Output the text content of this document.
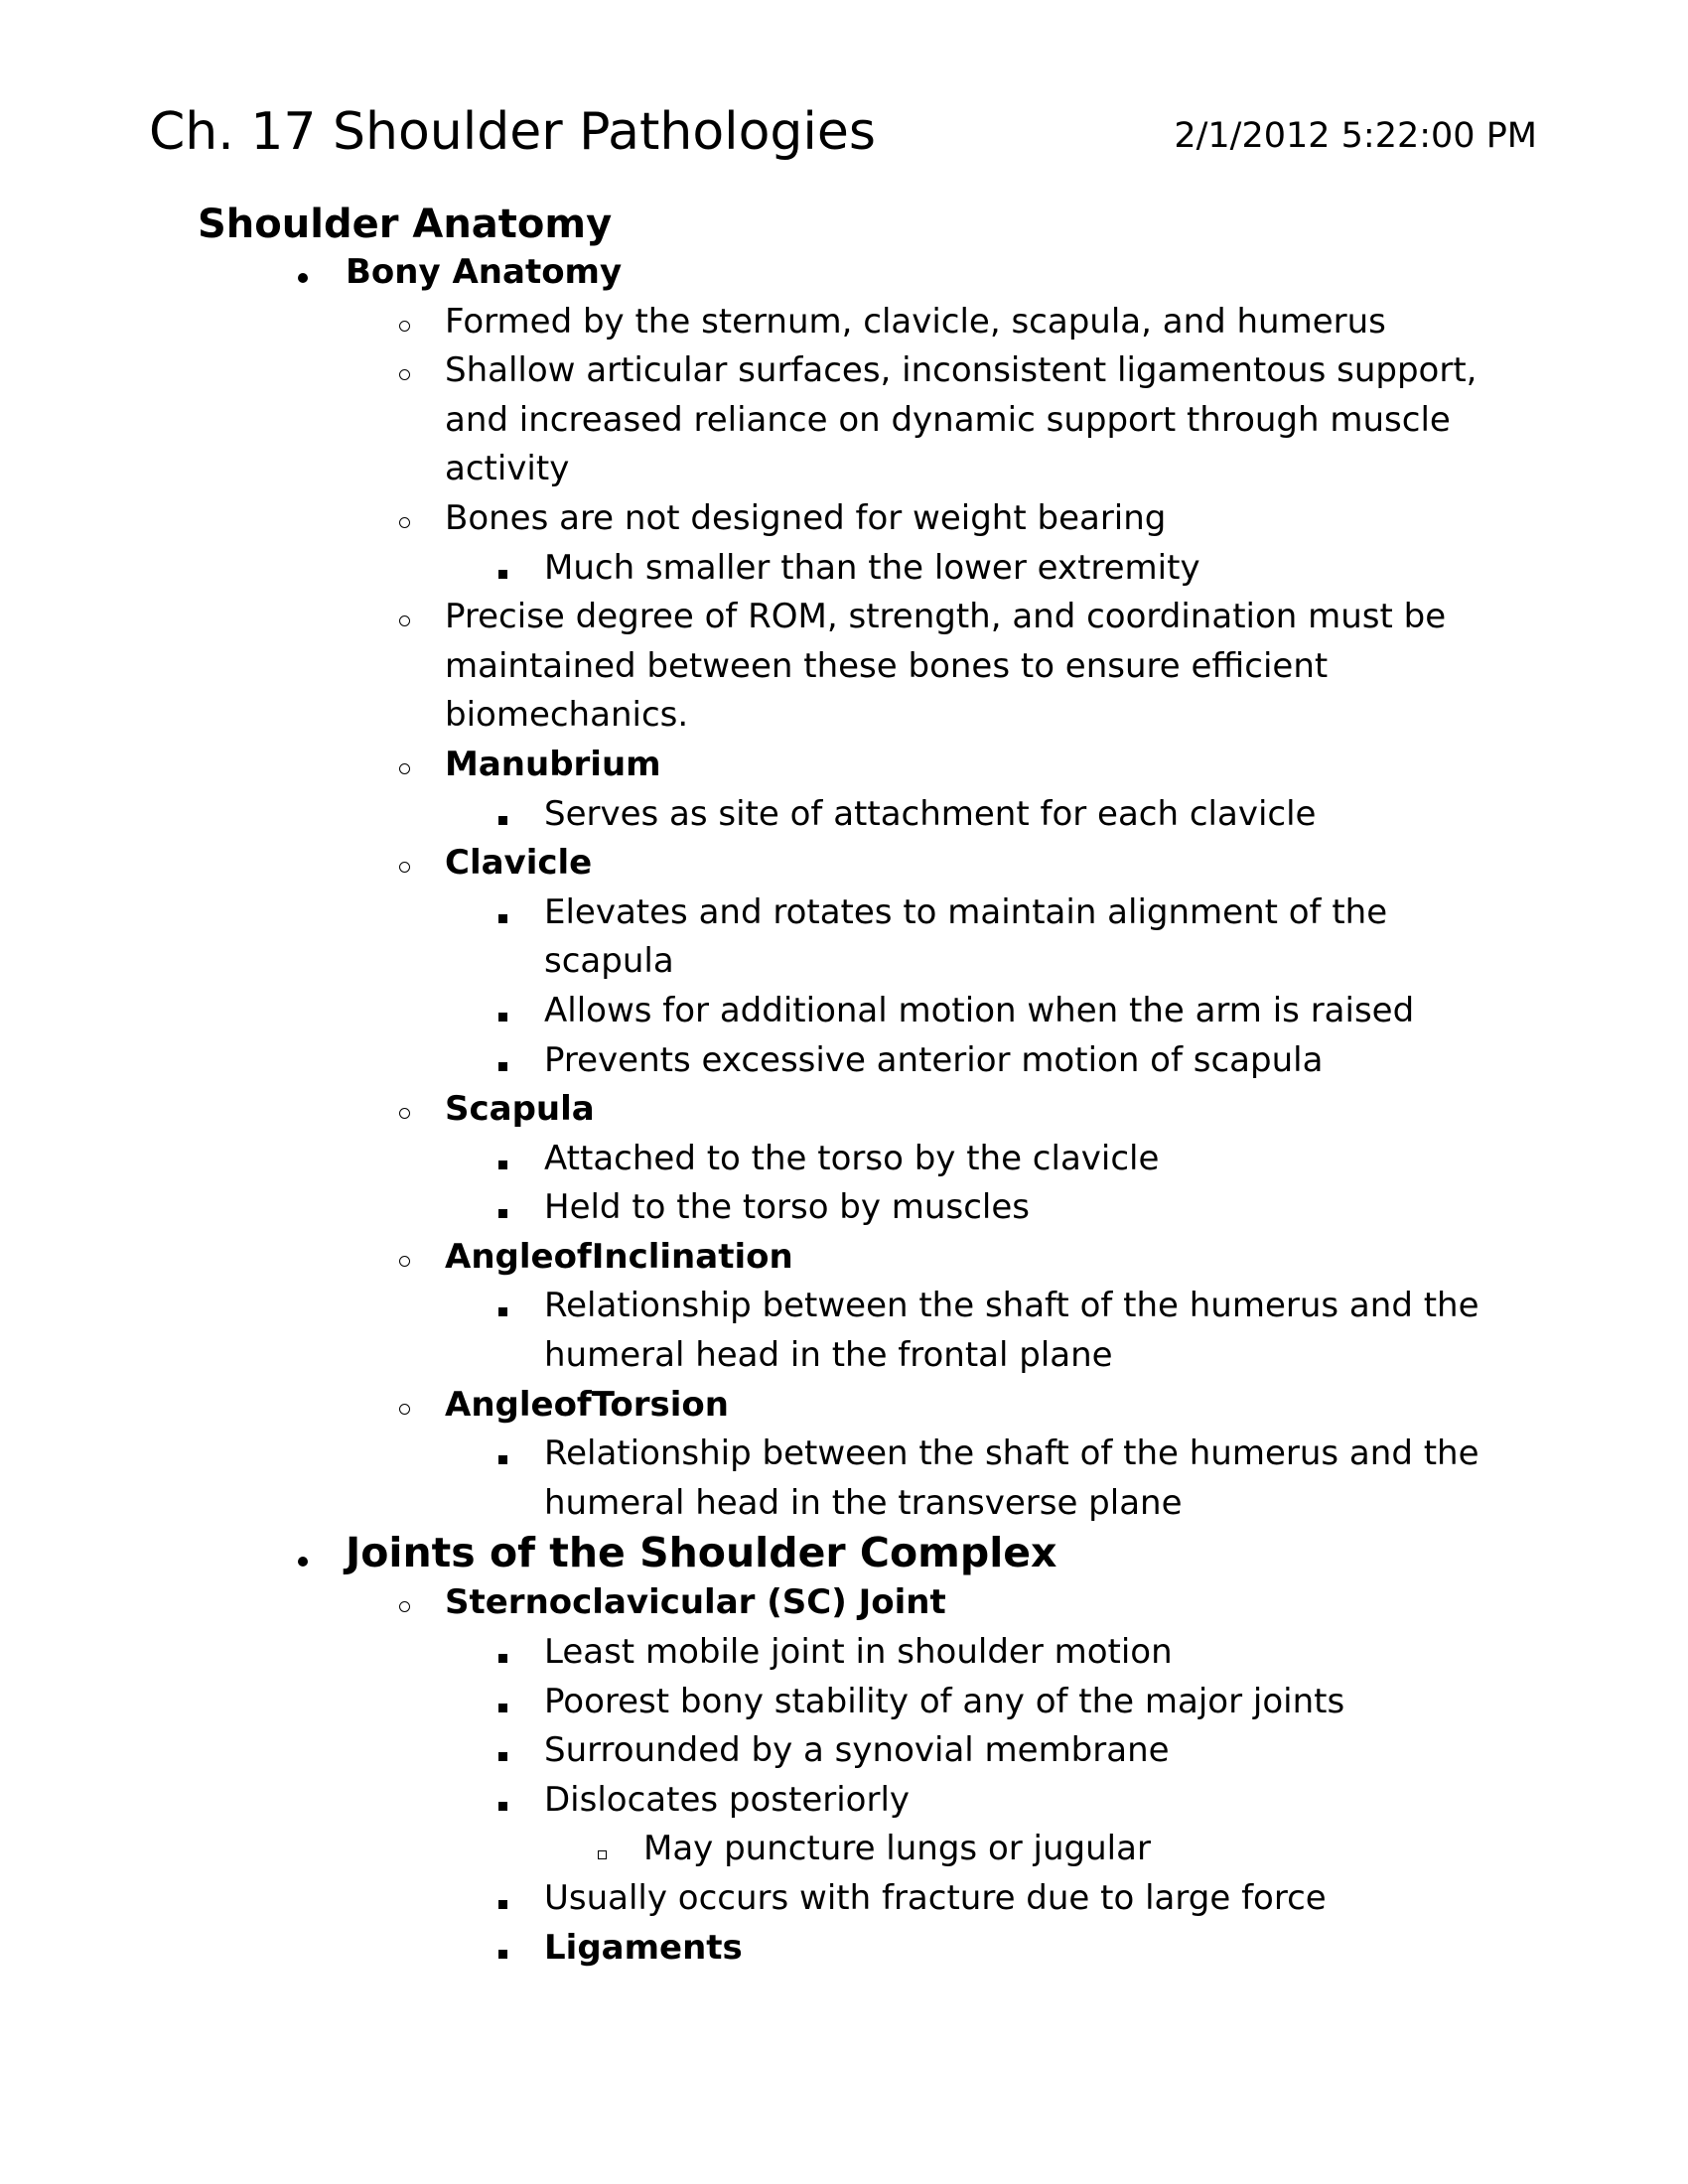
Ch. 17 Shoulder Pathologies	2/1/2012 5:22:00 PM
Shoulder Anatomy
Bony Anatomy
Formed by the sternum, clavicle, scapula, and humerus
Shallow articular surfaces, inconsistent ligamentous support,
and increased reliance on dynamic support through muscle
activity
Bones are not designed for weight bearing
Much smaller than the lower extremity
Precise degree of ROM, strength, and coordination must be
maintained between these bones to ensure efficient
biomechanics.
Manubrium
Serves as site of attachment for each clavicle
Clavicle
Elevates and rotates to maintain alignment of the
scapula
Allows for additional motion when the arm is raised
Prevents excessive anterior motion of scapula
Scapula
Attached to the torso by the clavicle
Held to the torso by muscles
AngleofInclination
Relationship between the shaft of the humerus and the
humeral head in the frontal plane
AngleofTorsion
Relationship between the shaft of the humerus and the
humeral head in the transverse plane
Joints of the Shoulder Complex
Sternoclavicular (SC) Joint
Least mobile joint in shoulder motion
Poorest bony stability of any of the major joints
Surrounded by a synovial membrane
Dislocates posteriorly
May puncture lungs or jugular
Usually occurs with fracture due to large force
Ligaments
